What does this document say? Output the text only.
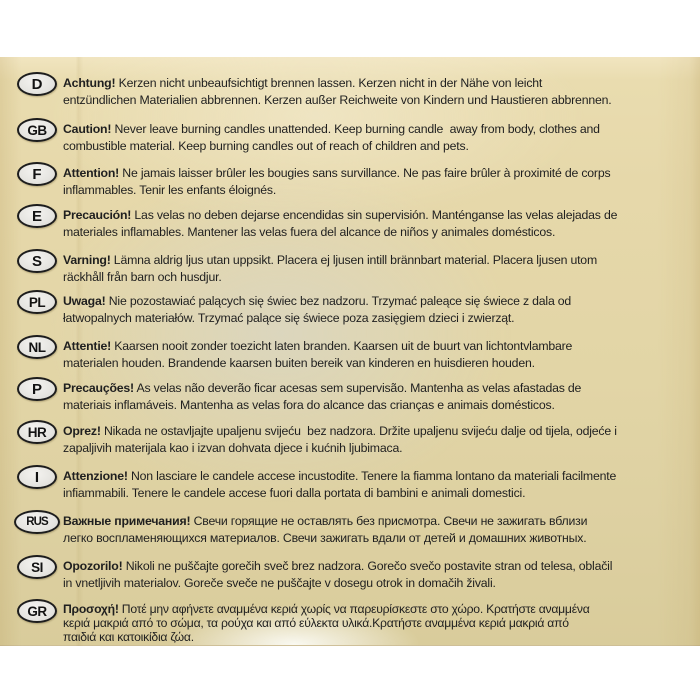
D	Achtung! Kerzen nicht unbeaufsichtigt brennen lassen. Kerzen nicht in der Nähe von leicht
entzündlichen Materialien abbrennen. Kerzen außer Reichweite von Kindern und Haustieren abbrennen.
GB	Caution! Never leave burning candles unattended. Keep burning candle  away from body, clothes and
combustible material. Keep burning candles out of reach of children and pets.
F	Attention! Ne jamais laisser brûler les bougies sans survillance. Ne pas faire brûler à proximité de corps
inflammables. Tenir les enfants éloignés.
E	Precaución! Las velas no deben dejarse encendidas sin supervisión. Manténganse las velas alejadas de
materiales inflamables. Mantener las velas fuera del alcance de niños y animales domésticos.
S	Varning! Lämna aldrig ljus utan uppsikt. Placera ej ljusen intill brännbart material. Placera ljusen utom
räckhåll från barn och husdjur.
PL	Uwaga! Nie pozostawiać palących się świec bez nadzoru. Trzymać paleące się świece z dala od
łatwopalnych materiałów. Trzymać palące się świece poza zasięgiem dzieci i zwierząt.
NL	Attentie! Kaarsen nooit zonder toezicht laten branden. Kaarsen uit de buurt van lichtontvlambare
materialen houden. Brandende kaarsen buiten bereik van kinderen en huisdieren houden.
P	Precauções! As velas não deverão ficar acesas sem supervisão. Mantenha as velas afastadas de
materiais inflamáveis. Mantenha as velas fora do alcance das crianças e animais domésticos.
HR	Oprez! Nikada ne ostavljajte upaljenu svijeću  bez nadzora. Držite upaljenu svijeću dalje od tijela, odjeće i
zapaljivih materijala kao i izvan dohvata djece i kućnih ljubimaca.
I	Attenzione! Non lasciare le candele accese incustodite. Tenere la fiamma lontano da materiali facilmente
infiammabili. Tenere le candele accese fuori dalla portata di bambini e animali domestici.
RUS	Важные примечания! Свечи горящие не оставлять без присмотра. Свечи не зажигать вблизи
легко воспламеняющихся материалов. Свечи зажигать вдали от детей и домашних животных.
SI	Opozorilo! Nikoli ne puščajte gorečih sveč brez nadzora. Gorečo svečo postavite stran od telesa, oblačil
in vnetljivih materialov. Goreče sveče ne puščajte v dosegu otrok in domačih živali.
GR	Προσοχή! Ποτέ μην αφήνετε αναμμένα κεριά χωρίς να παρευρίσκεστε στο χώρο. Κρατήστε αναμμένα
κεριά μακριά από το σώμα, τα ρούχα και από εύλεκτα υλικά.Κρατήστε αναμμένα κεριά μακριά από
παιδιά και κατοικίδια ζώα.
